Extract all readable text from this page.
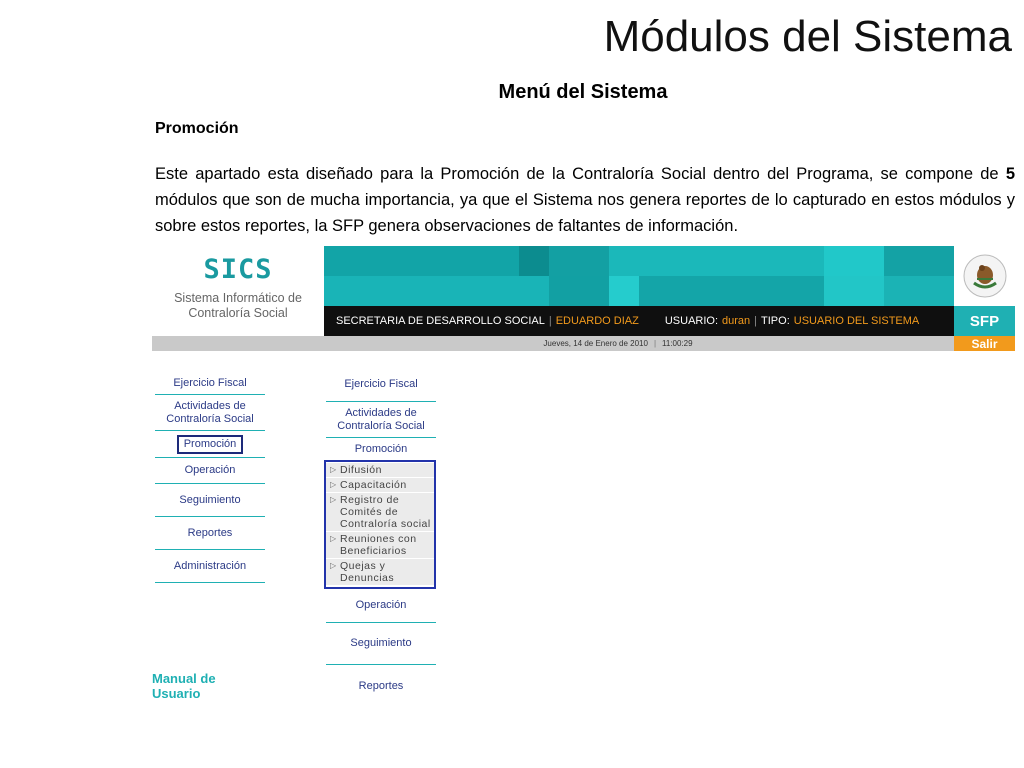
Módulos del Sistema
Menú del Sistema
Promoción
Este apartado esta diseñado para la Promoción de la Contraloría Social dentro del Programa, se compone de 5 módulos que son de mucha importancia, ya que el Sistema nos genera reportes de lo capturado en estos módulos y sobre estos reportes, la SFP genera observaciones de faltantes de información.
SICS
Sistema Informático de
Contraloría Social
SECRETARIA DE DESARROLLO SOCIAL | EDUARDO DIAZ USUARIO: duran | TIPO: USUARIO DEL SISTEMA	SFP
Jueves, 14 de Enero de 2010 | 11:00:29	Salir
Ejercicio Fiscal
Actividades de Contraloría Social
Promoción
Operación
Seguimiento
Reportes
Administración
Ejercicio Fiscal
Actividades de Contraloría Social
Promoción
▷ Difusión
▷ Capacitación
▷ Registro de Comités de Contraloría social
▷ Reuniones con Beneficiarios
▷ Quejas y Denuncias
Operación
Seguimiento
Reportes
Manual de Usuario
